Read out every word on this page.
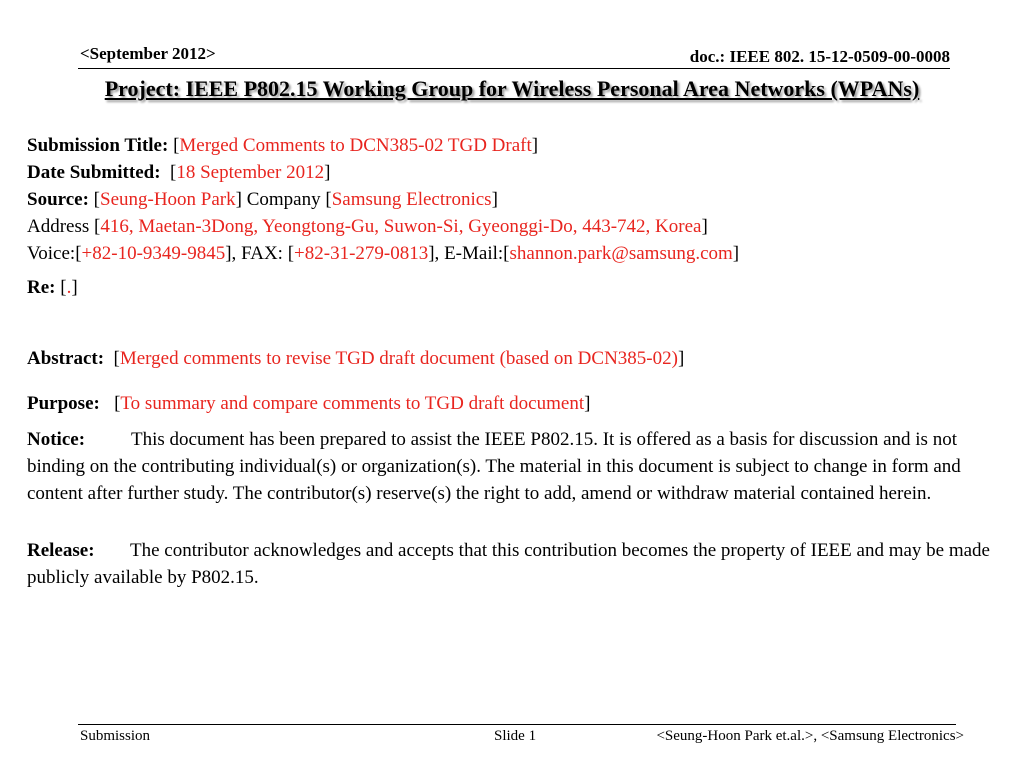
<September 2012>	doc.: IEEE 802. 15-12-0509-00-0008
Project: IEEE P802.15 Working Group for Wireless Personal Area Networks (WPANs)
Submission Title: [Merged Comments to DCN385-02 TGD Draft]
Date Submitted:  [18 September 2012]
Source: [Seung-Hoon Park] Company [Samsung Electronics]
Address [416, Maetan-3Dong, Yeongtong-Gu, Suwon-Si, Gyeonggi-Do, 443-742, Korea]
Voice:[+82-10-9349-9845], FAX: [+82-31-279-0813], E-Mail:[shannon.park@samsung.com]
Re: [.]
Abstract:  [Merged comments to revise TGD draft document (based on DCN385-02)]
Purpose:   [To summary and compare comments to TGD draft document]
Notice: This document has been prepared to assist the IEEE P802.15. It is offered as a basis for discussion and is not binding on the contributing individual(s) or organization(s). The material in this document is subject to change in form and content after further study. The contributor(s) reserve(s) the right to add, amend or withdraw material contained herein.
Release: The contributor acknowledges and accepts that this contribution becomes the property of IEEE and may be made publicly available by P802.15.
Submission	Slide 1	<Seung-Hoon Park et.al.>, <Samsung Electronics>
